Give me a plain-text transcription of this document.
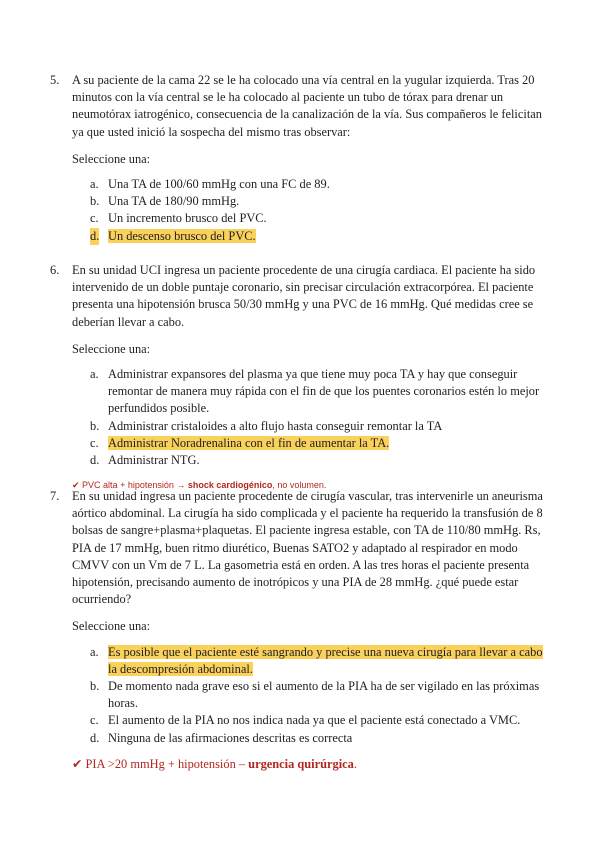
5. A su paciente de la cama 22 se le ha colocado una vía central en la yugular izquierda. Tras 20 minutos con la vía central se le ha colocado al paciente un tubo de tórax para drenar un neumotórax iatrogénico, consecuencia de la canalización de la vía. Sus compañeros le felicitan ya que usted inició la sospecha del mismo tras observar:
Seleccione una:
a. Una TA de 100/60 mmHg con una FC de 89.
b. Una TA de 180/90 mmHg.
c. Un incremento brusco del PVC.
d. Un descenso brusco del PVC.
6. En su unidad UCI ingresa un paciente procedente de una cirugía cardiaca. El paciente ha sido intervenido de un doble puntaje coronario, sin precisar circulación extracorpórea. El paciente presenta una hipotensión brusca 50/30 mmHg y una PVC de 16 mmHg. Qué medidas cree se deberían llevar a cabo.
Seleccione una:
a. Administrar expansores del plasma ya que tiene muy poca TA y hay que conseguir remontar de manera muy rápida con el fin de que los puentes coronarios estén lo mejor perfundidos posible.
b. Administrar cristaloides a alto flujo hasta conseguir remontar la TA
c. Administrar Noradrenalina con el fin de aumentar la TA.
d. Administrar NTG.
✔ PVC alta + hipotensión → shock cardiogénico, no volumen.
7. En su unidad ingresa un paciente procedente de cirugía vascular, tras intervenirle un aneurisma aórtico abdominal. La cirugía ha sido complicada y el paciente ha requerido la transfusión de 8 bolsas de sangre+plasma+plaquetas. El paciente ingresa estable, con TA de 110/80 mmHg. Rs, PIA de 17 mmHg, buen ritmo diurético, Buenas SATO2 y adaptado al respirador en modo CMVV con un Vm de 7 L. La gasometria está en orden. A las tres horas el paciente presenta hipotensión, precisando aumento de inotrópicos y una PIA de 28 mmHg. ¿qué puede estar ocurriendo?
Seleccione una:
a. Es posible que el paciente esté sangrando y precise una nueva cirugía para llevar a cabo la descompresión abdominal.
b. De momento nada grave eso si el aumento de la PIA ha de ser vigilado en las próximas horas.
c. El aumento de la PIA no nos indica nada ya que el paciente está conectado a VMC.
d. Ninguna de las afirmaciones descritas es correcta
✔ PIA >20 mmHg + hipotensión – urgencia quirúrgica.
